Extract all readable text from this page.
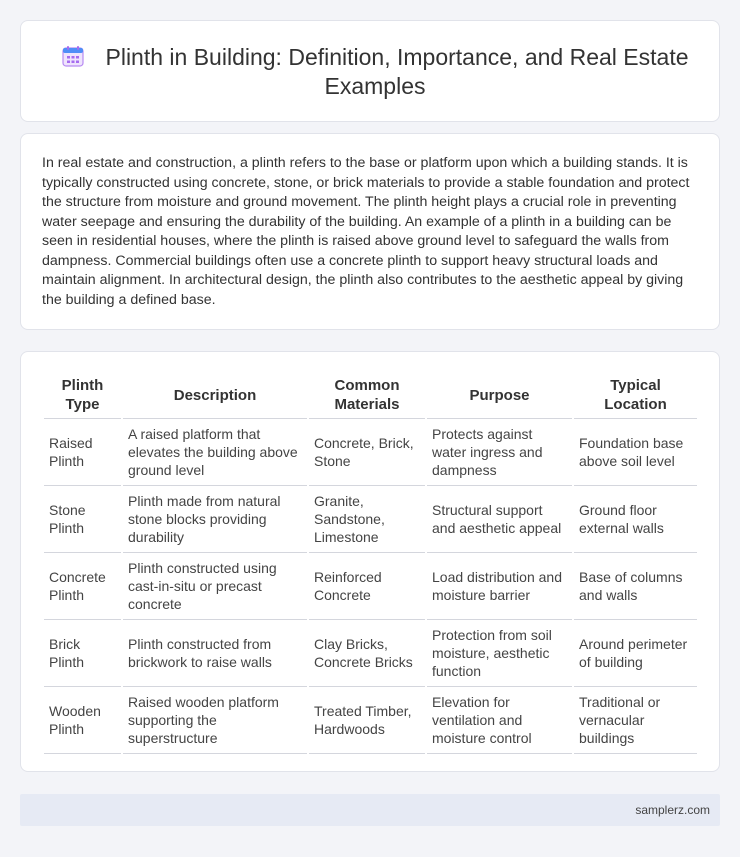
Plinth in Building: Definition, Importance, and Real Estate Examples

In real estate and construction, a plinth refers to the base or platform upon which a building stands. It is typically constructed using concrete, stone, or brick materials to provide a stable foundation and protect the structure from moisture and ground movement. The plinth height plays a crucial role in preventing water seepage and ensuring the durability of the building. An example of a plinth in a building can be seen in residential houses, where the plinth is raised above ground level to safeguard the walls from dampness. Commercial buildings often use a concrete plinth to support heavy structural loads and maintain alignment. In architectural design, the plinth also contributes to the aesthetic appeal by giving the building a defined base.

Plinth Type	Description	Common Materials	Purpose	Typical Location
Raised Plinth	A raised platform that elevates the building above ground level	Concrete, Brick, Stone	Protects against water ingress and dampness	Foundation base above soil level
Stone Plinth	Plinth made from natural stone blocks providing durability	Granite, Sandstone, Limestone	Structural support and aesthetic appeal	Ground floor external walls
Concrete Plinth	Plinth constructed using cast-in-situ or precast concrete	Reinforced Concrete	Load distribution and moisture barrier	Base of columns and walls
Brick Plinth	Plinth constructed from brickwork to raise walls	Clay Bricks, Concrete Bricks	Protection from soil moisture, aesthetic function	Around perimeter of building
Wooden Plinth	Raised wooden platform supporting the superstructure	Treated Timber, Hardwoods	Elevation for ventilation and moisture control	Traditional or vernacular buildings
samplerz.com
